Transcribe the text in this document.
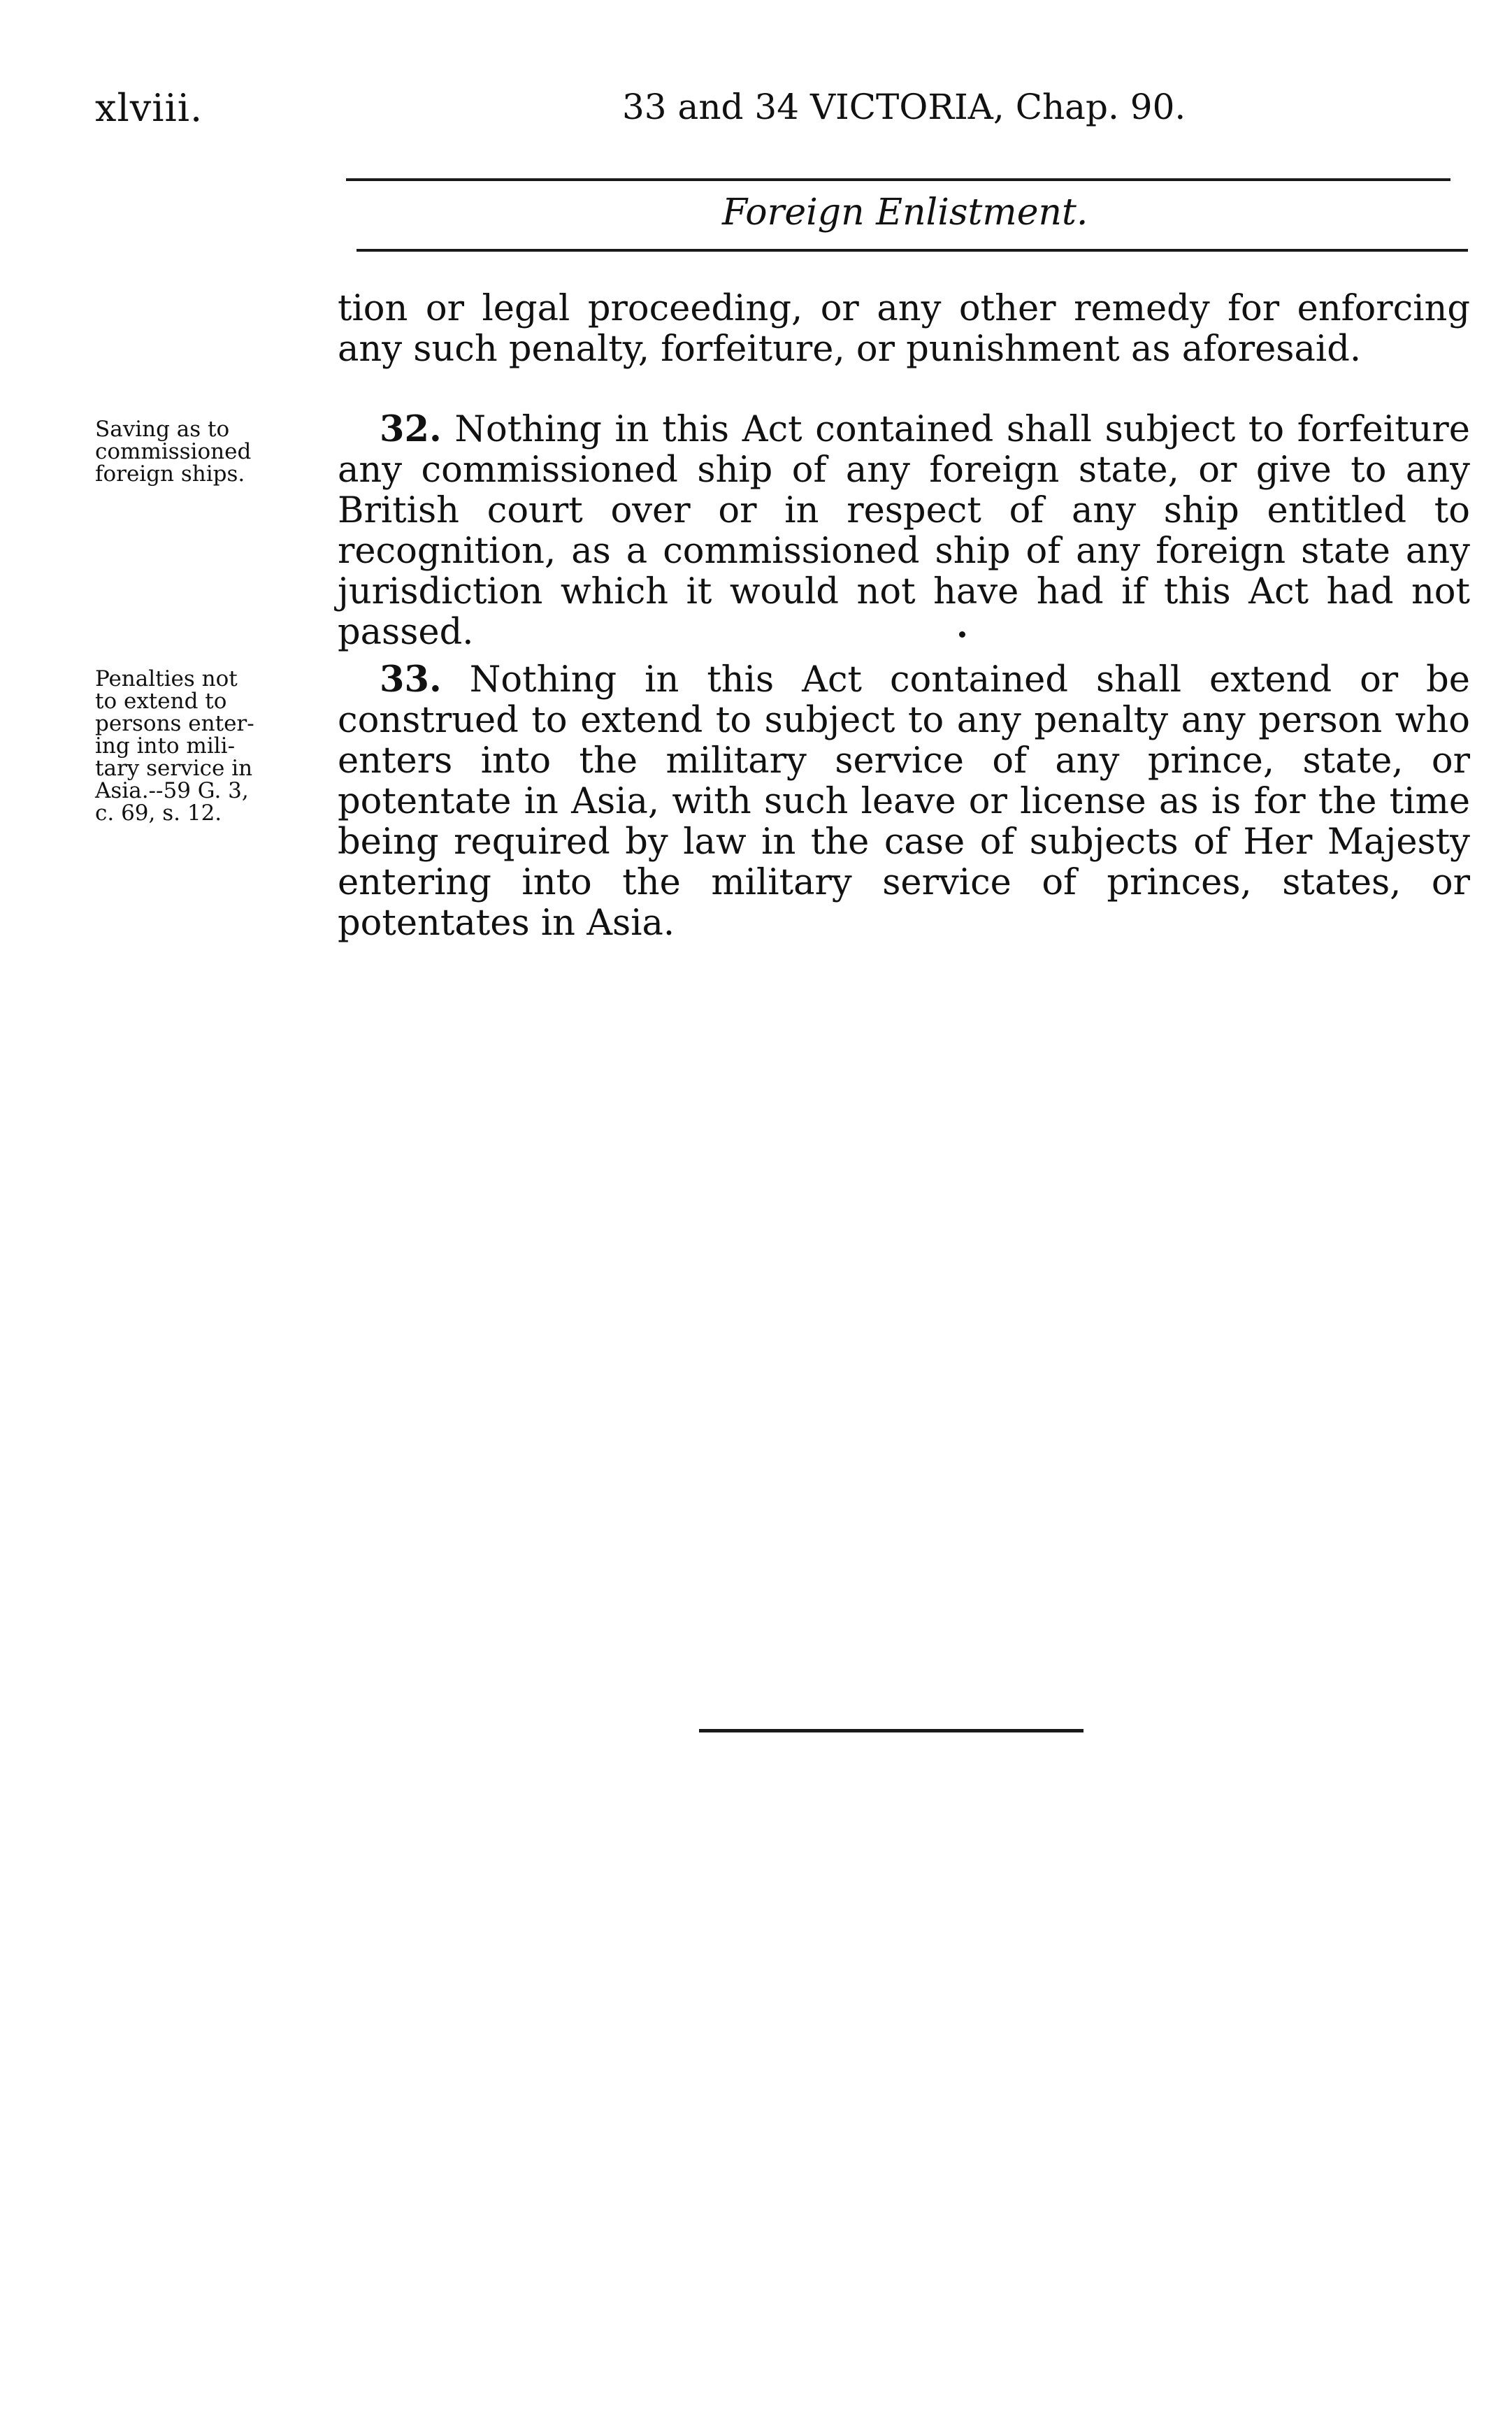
xlviii.	33 and 34 VICTORIA, Chap. 90.
Foreign Enlistment.
tion or legal proceeding, or any other remedy for enforcing any such penalty, forfeiture, or punishment as aforesaid.
Saving as to
commissioned
foreign ships.
32. Nothing in this Act contained shall subject to forfeiture any commissioned ship of any foreign state, or give to any British court over or in respect of any ship entitled to recognition, as a commissioned ship of any foreign state any jurisdiction which it would not have had if this Act had not passed.
Penalties not
to extend to
persons enter-
ing into mili-
tary service in
Asia.--59 G. 3,
c. 69, s. 12.
33. Nothing in this Act contained shall extend or be construed to extend to subject to any penalty any person who enters into the military service of any prince, state, or potentate in Asia, with such leave or license as is for the time being required by law in the case of subjects of Her Majesty entering into the military service of princes, states, or potentates in Asia.
